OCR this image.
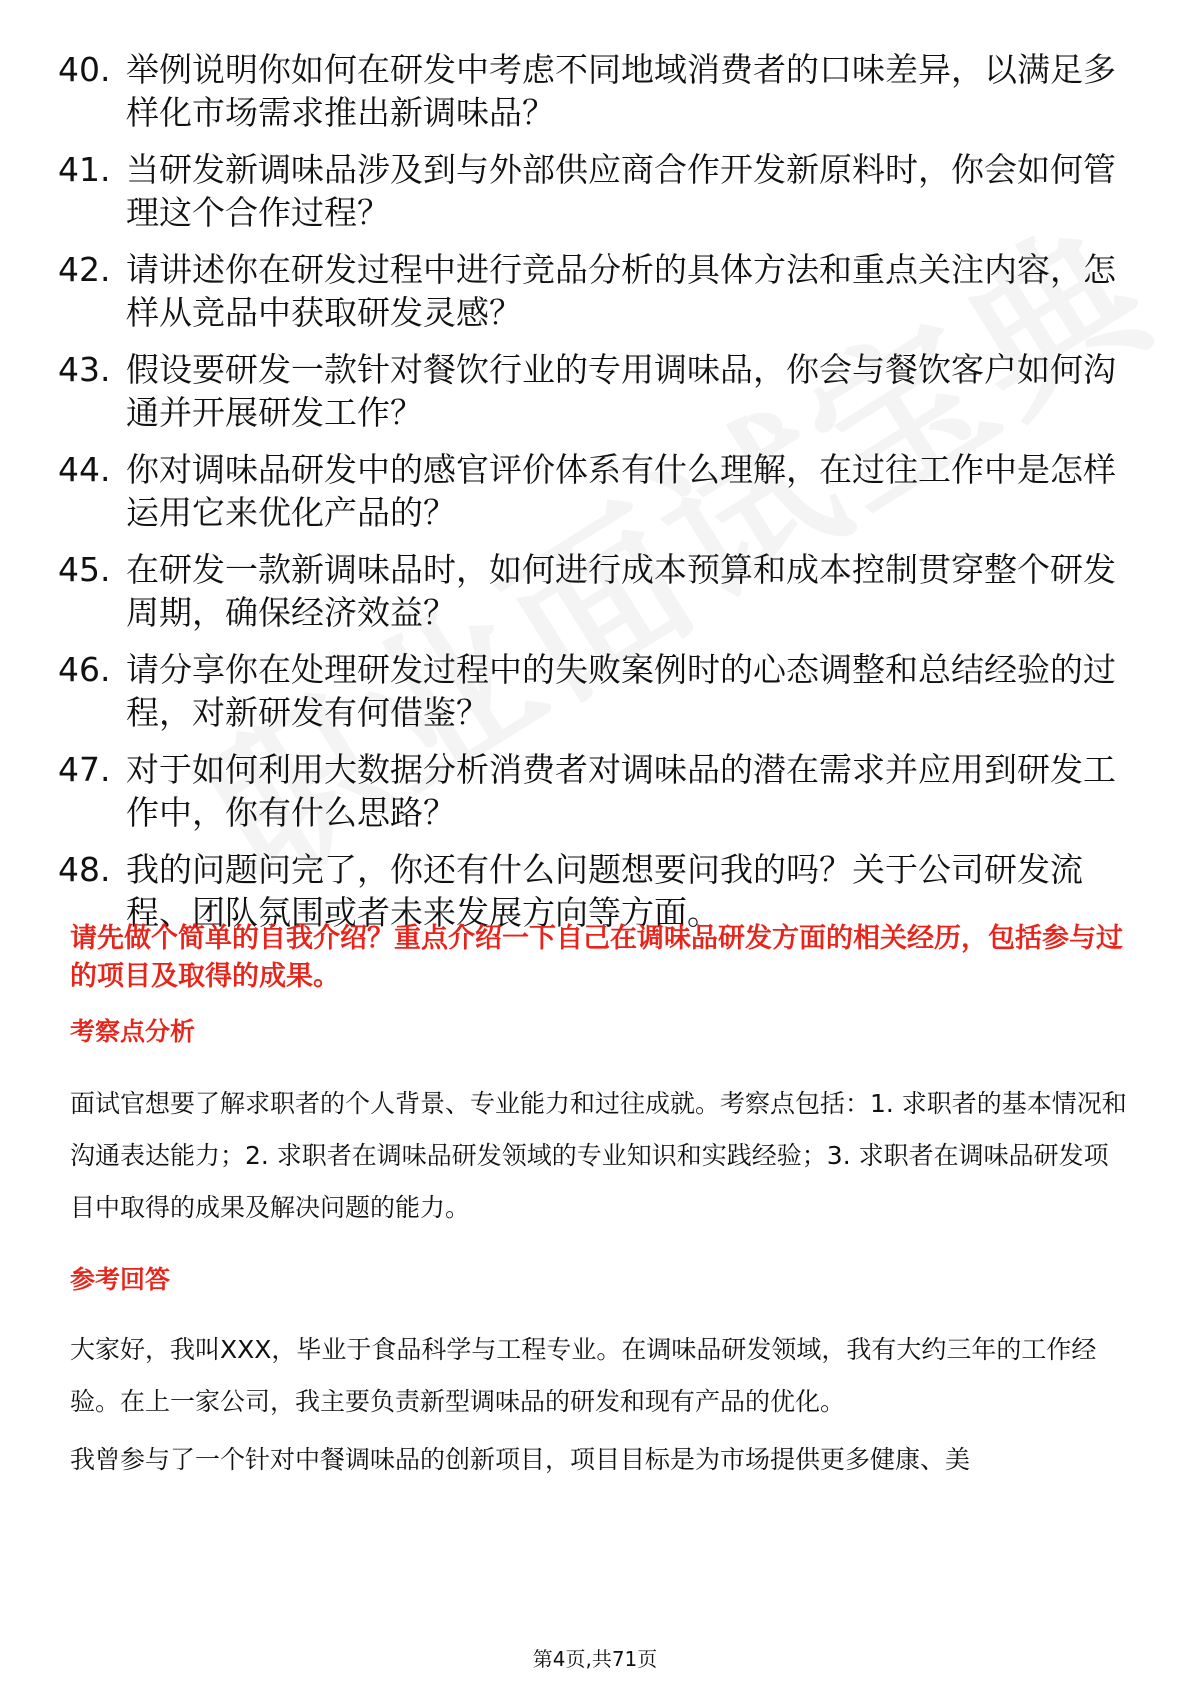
40. 举例说明你如何在研发中考虑不同地域消费者的口味差异，以满足多样化市场需求推出新调味品？
41. 当研发新调味品涉及到与外部供应商合作开发新原料时，你会如何管理这个合作过程？
42. 请讲述你在研发过程中进行竞品分析的具体方法和重点关注内容，怎样从竞品中获取研发灵感？
43. 假设要研发一款针对餐饮行业的专用调味品，你会与餐饮客户如何沟通并开展研发工作？
44. 你对调味品研发中的感官评价体系有什么理解，在过往工作中是怎样运用它来优化产品的？
45. 在研发一款新调味品时，如何进行成本预算和成本控制贯穿整个研发周期，确保经济效益？
46. 请分享你在处理研发过程中的失败案例时的心态调整和总结经验的过程，对新研发有何借鉴？
47. 对于如何利用大数据分析消费者对调味品的潜在需求并应用到研发工作中，你有什么思路？
48. 我的问题问完了，你还有什么问题想要问我的吗？关于公司研发流程、团队氛围或者未来发展方向等方面。
请先做个简单的自我介绍？重点介绍一下自己在调味品研发方面的相关经历，包括参与过的项目及取得的成果。
考察点分析
面试官想要了解求职者的个人背景、专业能力和过往成就。考察点包括：1. 求职者的基本情况和沟通表达能力；2. 求职者在调味品研发领域的专业知识和实践经验；3. 求职者在调味品研发项目中取得的成果及解决问题的能力。
参考回答
大家好，我叫XXX，毕业于食品科学与工程专业。在调味品研发领域，我有大约三年的工作经验。在上一家公司，我主要负责新型调味品的研发和现有产品的优化。
我曾参与了一个针对中餐调味品的创新项目，项目目标是为市场提供更多健康、美
第4页,共71页
